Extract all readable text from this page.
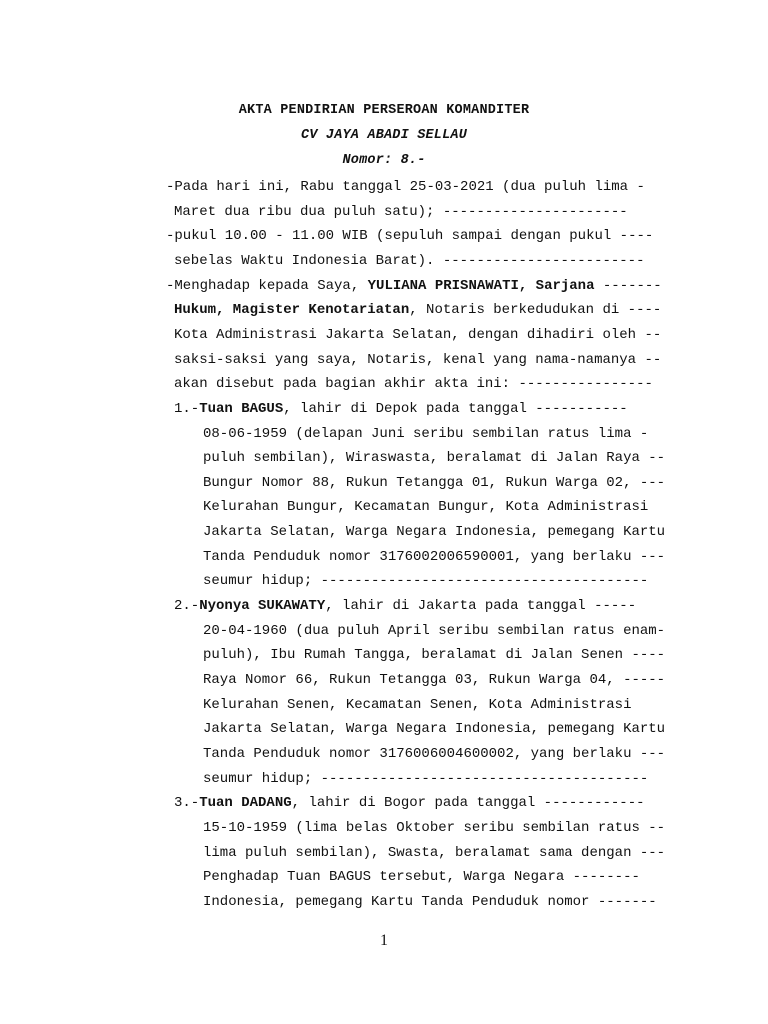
AKTA PENDIRIAN PERSEROAN KOMANDITER
CV JAYA ABADI SELLAU
Nomor: 8.-
-Pada hari ini, Rabu tanggal 25-03-2021 (dua puluh lima -
Maret dua ribu dua puluh satu); ----------------------
-pukul 10.00 - 11.00 WIB (sepuluh sampai dengan pukul ----
sebelas Waktu Indonesia Barat). ------------------------
-Menghadap kepada Saya, YULIANA PRISNAWATI, Sarjana -------
Hukum, Magister Kenotariatan, Notaris berkedudukan di ----
Kota Administrasi Jakarta Selatan, dengan dihadiri oleh --
saksi-saksi yang saya, Notaris, kenal yang nama-namanya --
akan disebut pada bagian akhir akta ini: ----------------
1.-Tuan BAGUS, lahir di Depok pada tanggal -----------
08-06-1959 (delapan Juni seribu sembilan ratus lima -
puluh sembilan), Wiraswasta, beralamat di Jalan Raya --
Bungur Nomor 88, Rukun Tetangga 01, Rukun Warga 02, ---
Kelurahan Bungur, Kecamatan Bungur, Kota Administrasi
Jakarta Selatan, Warga Negara Indonesia, pemegang Kartu
Tanda Penduduk nomor 3176002006590001, yang berlaku ---
seumur hidup; ---------------------------------------
2.-Nyonya SUKAWATY, lahir di Jakarta pada tanggal -----
20-04-1960 (dua puluh April seribu sembilan ratus enam-
puluh), Ibu Rumah Tangga, beralamat di Jalan Senen ----
Raya Nomor 66, Rukun Tetangga 03, Rukun Warga 04, -----
Kelurahan Senen, Kecamatan Senen, Kota Administrasi
Jakarta Selatan, Warga Negara Indonesia, pemegang Kartu
Tanda Penduduk nomor 3176006004600002, yang berlaku ---
seumur hidup; ---------------------------------------
3.-Tuan DADANG, lahir di Bogor pada tanggal ------------
15-10-1959 (lima belas Oktober seribu sembilan ratus --
lima puluh sembilan), Swasta, beralamat sama dengan ---
Penghadap Tuan BAGUS tersebut, Warga Negara --------
Indonesia, pemegang Kartu Tanda Penduduk nomor -------
1
